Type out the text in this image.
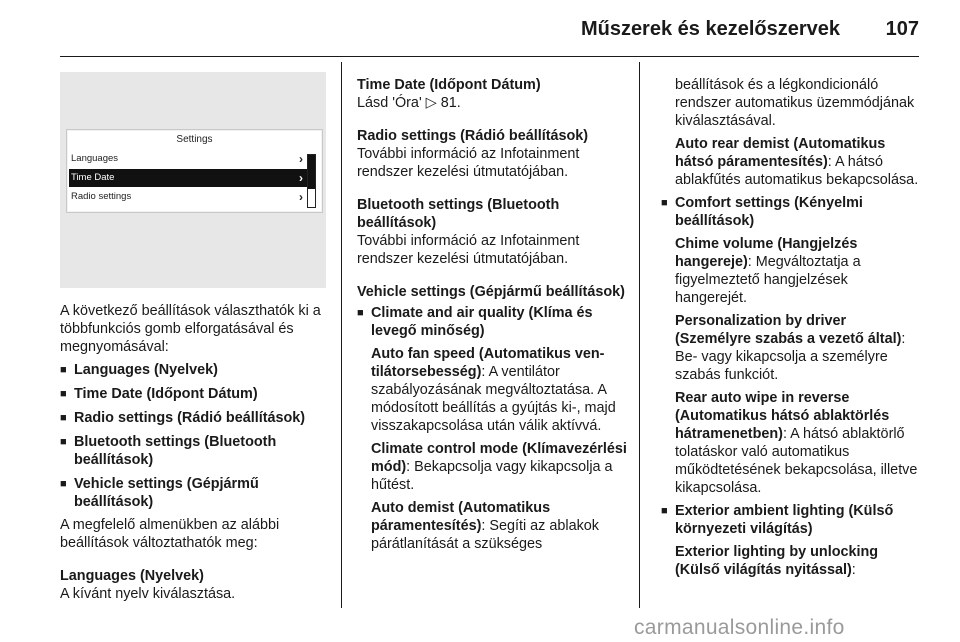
Műszerek és kezelőszervek 107
Settings
Languages	›
Time Date	›
Radio settings	›

A következő beállítások választhatók ki a többfunkciós gomb elforgatásával és megnyomásával:

■ Languages (Nyelvek)

■ Time Date (Időpont Dátum)

■ Radio settings (Rádió beállítások)

■ Bluetooth settings (Bluetooth beállítások)

■ Vehicle settings (Gépjármű beállítások)

A megfelelő almenükben az alábbi beállítások változtathatók meg:

Languages (Nyelvek)

A kívánt nyelv kiválasztása.

Time Date (Időpont Dátum)

Lásd 'Óra' ▷ 81.

Radio settings (Rádió beállítások)

További információ az Infotainment rendszer kezelési útmutatójában.

Bluetooth settings (Bluetooth beállítások)

További információ az Infotainment rendszer kezelési útmutatójában.

Vehicle settings (Gépjármű beállítások)

■ Climate and air quality (Klíma és levegő minőség)

Auto fan speed (Automatikus ven-tilátorsebesség): A ventilátor szabályozásának megváltoztatása. A módosított beállítás a gyújtás ki-, majd visszakapcsolása után válik aktívvá.

Climate control mode (Klímavezérlési mód): Bekapcsolja vagy kikapcsolja a hűtést.

Auto demist (Automatikus páramentesítés): Segíti az ablakok párátlanítását a szükséges

beállítások és a légkondicionáló rendszer automatikus üzemmódjának kiválasztásával.

Auto rear demist (Automatikus hátsó páramentesítés): A hátsó ablakfűtés automatikus bekapcsolása.

■ Comfort settings (Kényelmi beállítások)

Chime volume (Hangjelzés hangereje): Megváltoztatja a figyelmeztető hangjelzések hangerejét.

Personalization by driver (Személyre szabás a vezető által): Be- vagy kikapcsolja a személyre szabás funkciót.

Rear auto wipe in reverse (Automatikus hátsó ablaktörlés hátramenetben): A hátsó ablaktörlő tolatáskor való automatikus működtetésének bekapcsolása, illetve kikapcsolása.

■ Exterior ambient lighting (Külső környezeti világítás)

Exterior lighting by unlocking (Külső világítás nyitással):

carmanualsonline.info
